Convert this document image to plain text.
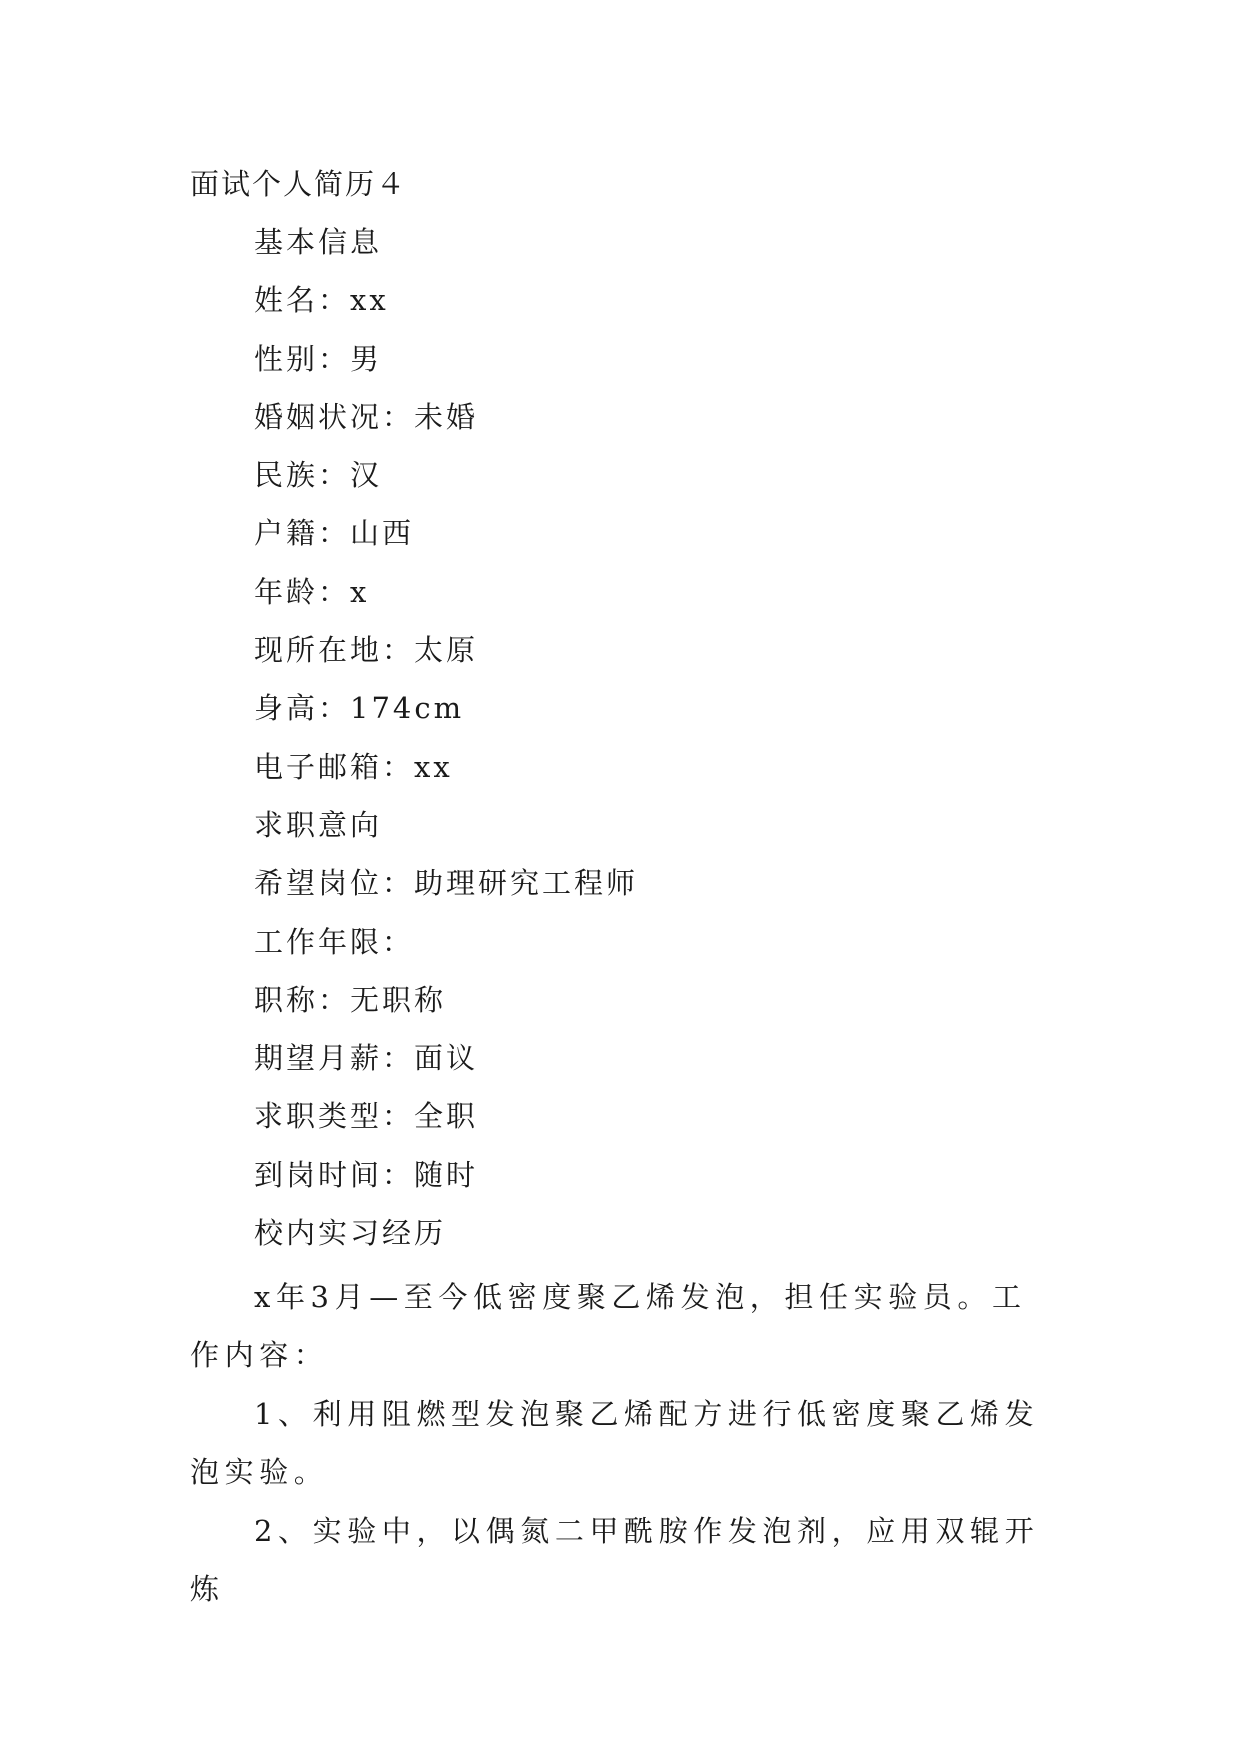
面试个人简历４
基本信息
姓名：xx
性别：男
婚姻状况：未婚
民族：汉
户籍：山西
年龄：x
现所在地：太原
身高：174cm
电子邮箱：xx
求职意向
希望岗位：助理研究工程师
工作年限：
职称：无职称
期望月薪：面议
求职类型：全职
到岗时间：随时
校内实习经历
x年3月—至今低密度聚乙烯发泡，担任实验员。工作内容：
1、利用阻燃型发泡聚乙烯配方进行低密度聚乙烯发泡实验。
2、实验中，以偶氮二甲酰胺作发泡剂，应用双辊开炼
